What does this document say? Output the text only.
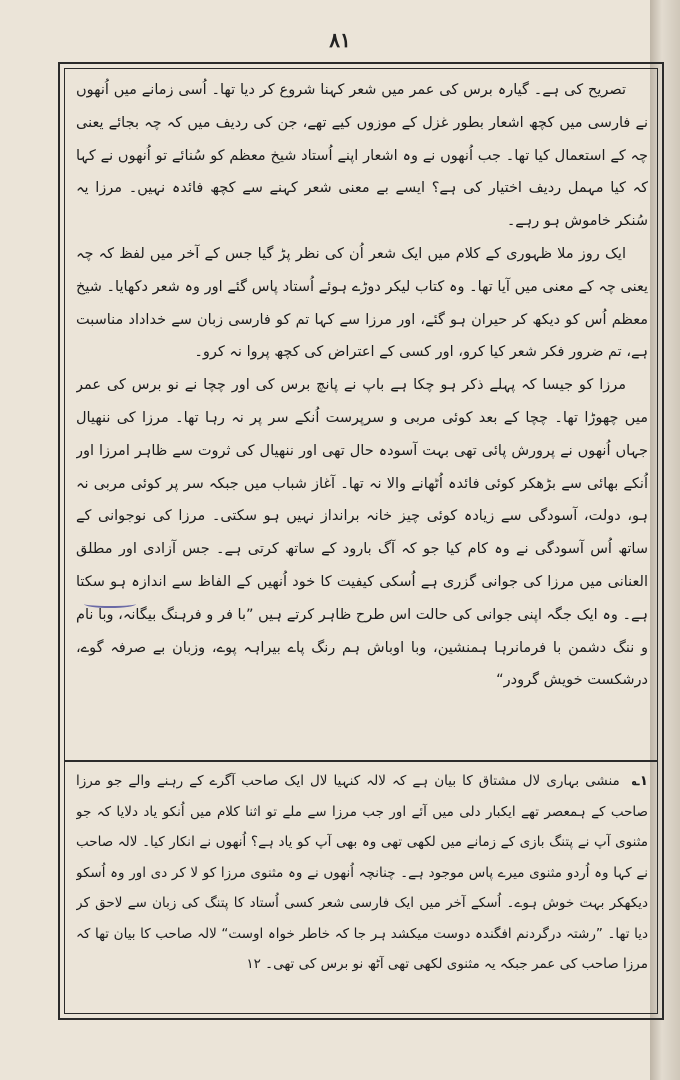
۸۱

تصریح کی ہے۔ گیارہ برس کی عمر میں شعر کہنا شروع کر دیا تھا۔ اُسی زمانے میں اُنھوں نے فارسی میں کچھ اشعار بطور غزل کے موزوں کیے تھے، جن کی ردیف میں کہ چہ بجائے یعنی چہ کے استعمال کیا تھا۔ جب اُنھوں نے وہ اشعار اپنے اُستاد شیخ معظم کو سُنائے تو اُنھوں نے کہا کہ کیا مہمل ردیف اختیار کی ہے؟ ایسے بے معنی شعر کہنے سے کچھ فائدہ نہیں۔ مرزا یہ سُنکر خاموش ہو رہے۔

ایک روز ملا ظہوری کے کلام میں ایک شعر اُن کی نظر پڑ گیا جس کے آخر میں لفظ کہ چہ یعنی چہ کے معنی میں آیا تھا۔ وہ کتاب لیکر دوڑے ہوئے اُستاد پاس گئے اور وہ شعر دکھایا۔ شیخ معظم اُس کو دیکھ کر حیران ہو گئے، اور مرزا سے کہا تم کو فارسی زبان سے خداداد مناسبت ہے، تم ضرور فکر شعر کیا کرو، اور کسی کے اعتراض کی کچھ پروا نہ کرو۔

مرزا کو جیسا کہ پہلے ذکر ہو چکا ہے باپ نے پانچ برس کی اور چچا نے نو برس کی عمر میں چھوڑا تھا۔ چچا کے بعد کوئی مربی و سرپرست اُنکے سر پر نہ رہا تھا۔ مرزا کی ننھیال جہاں اُنھوں نے پرورش پائی تھی بہت آسودہ حال تھی اور ننھیال کی ثروت سے ظاہر امرزا اور اُنکے بھائی سے بڑھکر کوئی فائدہ اُٹھانے والا نہ تھا۔ آغاز شباب میں جبکہ سر پر کوئی مربی نہ ہو، دولت، آسودگی سے زیادہ کوئی چیز خانہ برانداز نہیں ہو سکتی۔ مرزا کی نوجوانی کے ساتھ اُس آسودگی نے وہ کام کیا جو کہ آگ بارود کے ساتھ کرتی ہے۔ جس آزادی اور مطلق العنانی میں مرزا کی جوانی گزری ہے اُسکی کیفیت کا خود اُنھیں کے الفاظ سے اندازہ ہو سکتا ہے۔ وہ ایک جگہ اپنی جوانی کی حالت اس طرح ظاہر کرتے ہیں ”با فر و فرہنگ بیگانہ، وبا نام و ننگ دشمن با فرمانرہا ہمنشین، وبا اوباش ہم رنگ پاے بیراہہ پوے، وزبان بے صرفہ گوے، درشکست خویش گرودر“

۱؎ منشی بہاری لال مشتاق کا بیان ہے کہ لالہ کنہیا لال ایک صاحب آگرے کے رہنے والے جو مرزا صاحب کے ہمعصر تھے ایکبار دلی میں آئے اور جب مرزا سے ملے تو اثنا کلام میں اُنکو یاد دلایا کہ جو مثنوی آپ نے پتنگ بازی کے زمانے میں لکھی تھی وہ بھی آپ کو یاد ہے؟ اُنھوں نے انکار کیا۔ لالہ صاحب نے کہا وہ اُردو مثنوی میرے پاس موجود ہے۔ چنانچہ اُنھوں نے وہ مثنوی مرزا کو لا کر دی اور وہ اُسکو دیکھکر بہت خوش ہوے۔ اُسکے آخر میں ایک فارسی شعر کسی اُستاد کا پتنگ کی زبان سے لاحق کر دیا تھا۔ ”رشتہ درگردنم افگندہ دوست میکشد ہر جا کہ خاطر خواہ اوست“ لالہ صاحب کا بیان تھا کہ مرزا صاحب کی عمر جبکہ یہ مثنوی لکھی تھی آٹھ نو برس کی تھی۔ ۱۲
